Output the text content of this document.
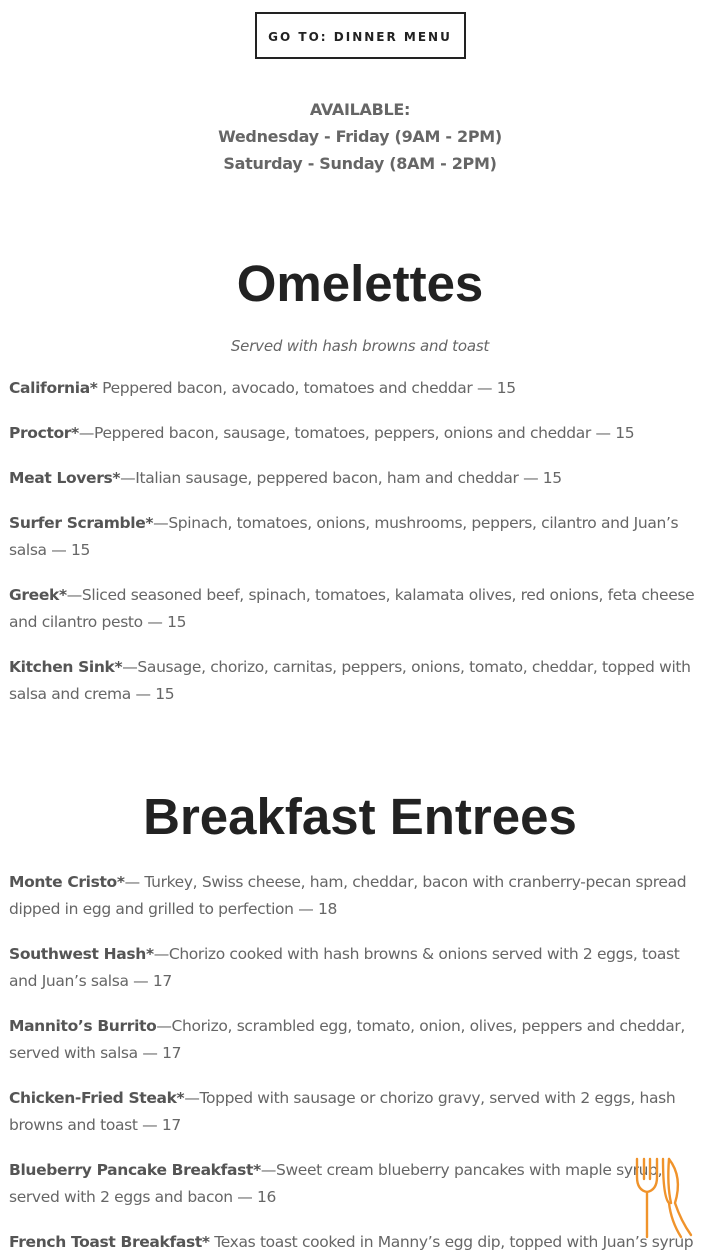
GO TO: DINNER MENU
AVAILABLE:
Wednesday - Friday (9AM - 2PM)
Saturday - Sunday (8AM - 2PM)
Omelettes
Served with hash browns and toast

California* Peppered bacon, avocado, tomatoes and cheddar — 15

Proctor*—Peppered bacon, sausage, tomatoes, peppers, onions and cheddar — 15

Meat Lovers*—Italian sausage, peppered bacon, ham and cheddar — 15

Surfer Scramble*—Spinach, tomatoes, onions, mushrooms, peppers, cilantro and Juan’s salsa — 15

Greek*—Sliced seasoned beef, spinach, tomatoes, kalamata olives, red onions, feta cheese and cilantro pesto — 15

Kitchen Sink*—Sausage, chorizo, carnitas, peppers, onions, tomato, cheddar, topped with salsa and crema — 15

Breakfast Entrees

Monte Cristo*— Turkey, Swiss cheese, ham, cheddar, bacon with cranberry-pecan spread dipped in egg and grilled to perfection — 18

Southwest Hash*—Chorizo cooked with hash browns & onions served with 2 eggs, toast and Juan’s salsa — 17

Mannito’s Burrito—Chorizo, scrambled egg, tomato, onion, olives, peppers and cheddar, served with salsa — 17

Chicken-Fried Steak*—Topped with sausage or chorizo gravy, served with 2 eggs, hash browns and toast — 17

Blueberry Pancake Breakfast*—Sweet cream blueberry pancakes with maple syrup, served with 2 eggs and bacon — 16

French Toast Breakfast* Texas toast cooked in Manny’s egg dip, topped with Juan’s syrup
